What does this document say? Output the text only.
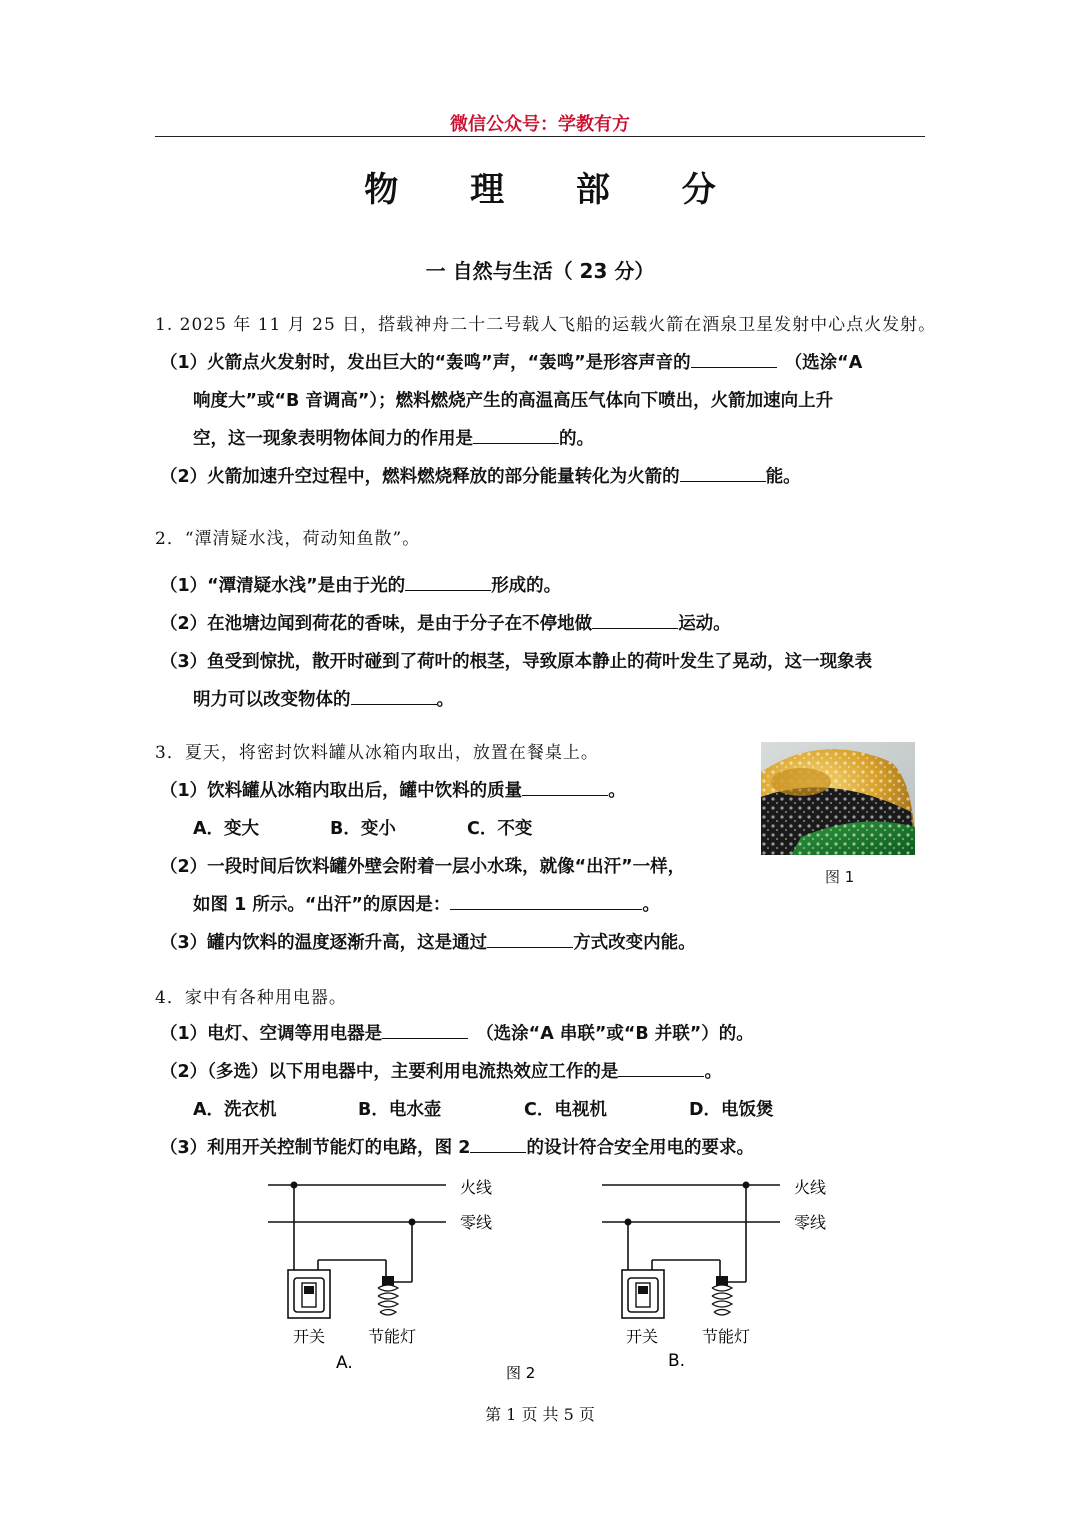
微信公众号：学教有方
物 理 部 分
一 自然与生活（ 23 分）
1. 2025 年 11 月 25 日，搭载神舟二十二号载人飞船的运载火箭在酒泉卫星发射中心点火发射。
（1）火箭点火发射时，发出巨大的“轰鸣”声，“轰鸣”是形容声音的	（选涂“A
响度大”或“B 音调高”）；燃料燃烧产生的高温高压气体向下喷出，火箭加速向上升
空，这一现象表明物体间力的作用是	的。
（2）火箭加速升空过程中，燃料燃烧释放的部分能量转化为火箭的	能。
2．“潭清疑水浅，荷动知鱼散”。
（1）“潭清疑水浅”是由于光的	形成的。
（2）在池塘边闻到荷花的香味，是由于分子在不停地做	运动。
（3）鱼受到惊扰，散开时碰到了荷叶的根茎，导致原本静止的荷叶发生了晃动，这一现象表
明力可以改变物体的	。
3．夏天，将密封饮料罐从冰箱内取出，放置在餐桌上。
（1）饮料罐从冰箱内取出后，罐中饮料的质量	。
A．变大	B．变小	C．不变
（2）一段时间后饮料罐外壁会附着一层小水珠，就像“出汗”一样，
如图 1 所示。“出汗”的原因是：	。
（3）罐内饮料的温度逐渐升高，这是通过	方式改变内能。
图 1
4．家中有各种用电器。
（1）电灯、空调等用电器是	（选涂“A 串联”或“B 并联”）的。
（2）（多选）以下用电器中，主要利用电流热效应工作的是	。
A．洗衣机	B．电水壶	C．电视机	D．电饭煲
（3）利用开关控制节能灯的电路，图 2	的设计符合安全用电的要求。
火线
零线
开关	节能灯
A.
火线
零线
开关	节能灯
B.
图 2
第 1 页 共 5 页
